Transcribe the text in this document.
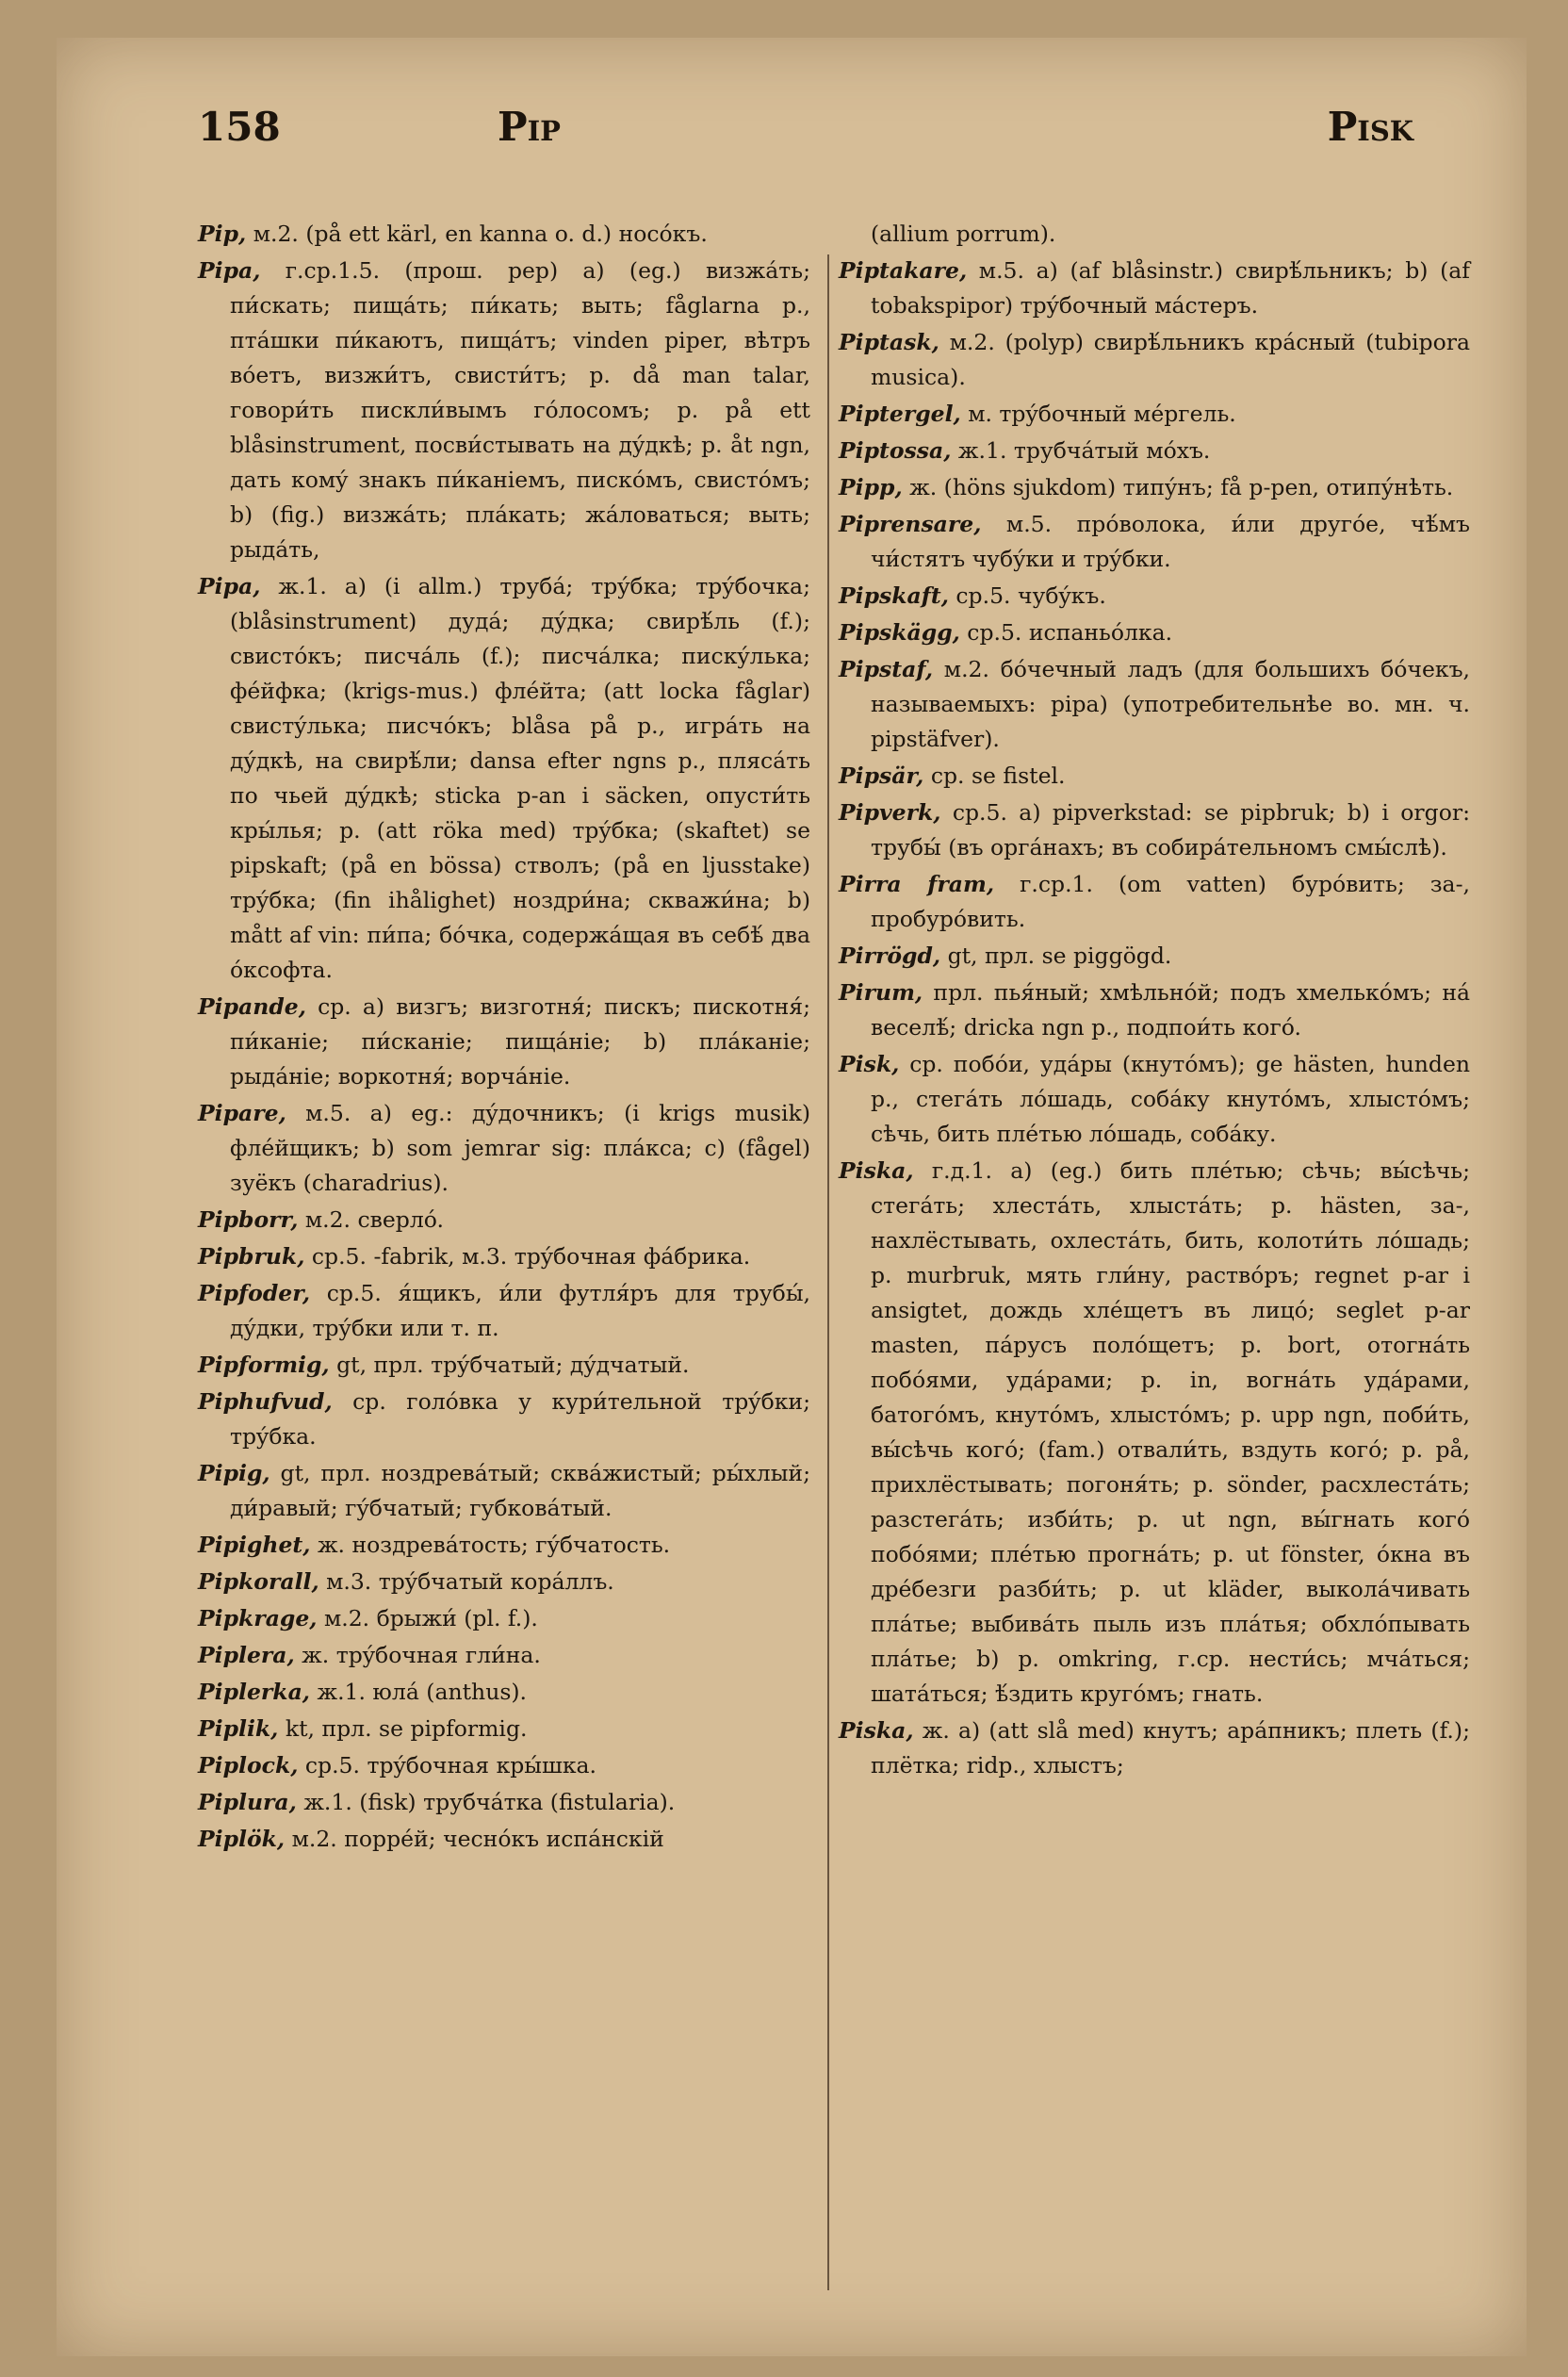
158	Pip	Pisk
Pip, м.2. (på ett kärl, en kanna o. d.) носóкъ.
Pipa, г.ср.1.5. (прош. реp) a) (eg.) визжáть; пи́скать; пищáть; пи́кать; выть; fåglarna p., птáшки пи́каютъ, пищáтъ; vinden piper, вѣтръ вóетъ, визжи́тъ, свисти́тъ; p. då man talar, говори́ть пискли́вымъ гóлосомъ; p. på ett blåsinstrument, посви́стывать на дýдкѣ; p. åt ngn, дать комý знакъ пи́каніемъ, пискóмъ, свистóмъ; b) (fig.) визжáть; плáкать; жáловаться; выть; рыдáть,
Pipa, ж.1. a) (i allm.) трубá; трýбка; трýбочка; (blåsinstrument) дудá; дýдка; свирѣ́ль (f.); свистóкъ; писчáль (f.); писчáлка; пискýлька; фéйфка; (krigs-mus.) флéйта; (att locka fåglar) свистýлька; писчóкъ; blåsa på p., игрáть на дýдкѣ, на свирѣ́ли; dansa efter ngns p., плясáть по чьей дýдкѣ; sticka p-an i säcken, опусти́ть кры́лья; p. (att röka med) трýбка; (skaftet) se pipskaft; (på en bössa) стволъ; (på en ljusstake) трýбка; (fin ihålighet) ноздри́на; скважи́на; b) mått af vin: пи́па; бóчка, содержáщая въ себѣ́ два óксофта.
Pipande, ср. a) визгъ; визготня́; пискъ; пискотня́; пи́каніе; пи́сканіе; пищáніе; b) плáканіе; рыдáніе; воркотня́; ворчáніе.
Pipare, м.5. a) eg.: дýдочникъ; (i krigs musik) флéйщикъ; b) som jemrar sig: плáкса; c) (fågel) зуёкъ (charadrius).
Pipborr, м.2. сверлó.
Pipbruk, ср.5. -fabrik, м.3. трýбочная фáбрика.
Pipfoder, ср.5. я́щикъ, и́ли футля́ръ для трубы́, дýдки, трýбки или т. п.
Pipformig, gt, прл. трýбчатый; дýдчатый.
Piphufvud, ср. голóвка у кури́тельной трýбки; трýбка.
Pipig, gt, прл. ноздревáтый; сквáжистый; ры́хлый; ди́равый; гýбчатый; губковáтый.
Pipighet, ж. ноздревáтость; гýбчатость.
Pipkorall, м.3. трýбчатый корáллъ.
Pipkrage, м.2. брыжи́ (pl. f.).
Piplera, ж. трýбочная гли́на.
Piplerka, ж.1. юлá (anthus).
Piplik, kt, прл. se pipformig.
Piplock, ср.5. трýбочная кры́шка.
Piplura, ж.1. (fisk) трубчáтка (fistularia).
Piplök, м.2. порре́й; чеснóкъ испáнскій
(allium porrum).
Piptakare, м.5. a) (af blåsinstr.) свирѣ́льникъ; b) (af tobakspipor) трýбочный мáстеръ.
Piptask, м.2. (polyp) свирѣ́льникъ крáсный (tubipora musica).
Piptergel, м. трýбочный мéргель.
Piptossa, ж.1. трубчáтый мóхъ.
Pipp, ж. (höns sjukdom) типýнъ; få p-pen, отипýнѣть.
Piprensare, м.5. прóволока, и́ли другóе, чѣ́мъ чи́стятъ чубýки и трýбки.
Pipskaft, ср.5. чубýкъ.
Pipskägg, ср.5. испаньóлка.
Pipstaf, м.2. бóчечный ладъ (для большихъ бóчекъ, называемыхъ: pipa) (употребительнѣе во. мн. ч. pipstäfver).
Pipsär, ср. se fistel.
Pipverk, ср.5. a) pipverkstad: se pipbruk; b) i orgor: трубы́ (въ оргáнахъ; въ собирáтельномъ смы́слѣ).
Pirra fram, г.ср.1. (om vatten) бурóвить; за-, пробурóвить.
Pirrögd, gt, прл. se piggögd.
Pirum, прл. пья́ный; хмѣльнóй; подъ хмелькóмъ; нá веселѣ́; dricka ngn p., подпои́ть когó.
Pisk, ср. побóи, удáры (кнутóмъ); ge hästen, hunden p., стегáть лóшадь, собáку кнутóмъ, хлыстóмъ; сѣчь, бить плéтью лóшадь, собáку.
Piska, г.д.1. a) (eg.) бить плéтью; сѣчь; вы́сѣчь; стегáть; хлестáть, хлыстáть; p. hästen, за-, нахлёстывать, охлестáть, бить, колоти́ть лóшадь; p. murbruk, мять гли́ну, раствóръ; regnet p-ar i ansigtet, дождь хлéщетъ въ лицó; seglet p-ar masten, пáрусъ полóщетъ; p. bort, отогнáть побóями, удáрами; p. in, вогнáть удáрами, батогóмъ, кнутóмъ, хлыстóмъ; p. upp ngn, поби́ть, вы́сѣчь когó; (fam.) отвали́ть, вздуть когó; p. på, прихлёстывать; погоня́ть; p. sönder, расхлестáть; разстегáть; изби́ть; p. ut ngn, вы́гнать когó побóями; плéтью прогнáть; p. ut fönster, óкна въ дрéбезги разби́ть; p. ut kläder, выколáчивать плáтье; выбивáть пыль изъ плáтья; обхлóпывать плáтье; b) p. omkring, г.ср. нести́сь; мчáться; шатáться; ѣ́здить кругóмъ; гнать.
Piska, ж. a) (att slå med) кнутъ; арáпникъ; плеть (f.); плётка; ridp., хлыстъ;
